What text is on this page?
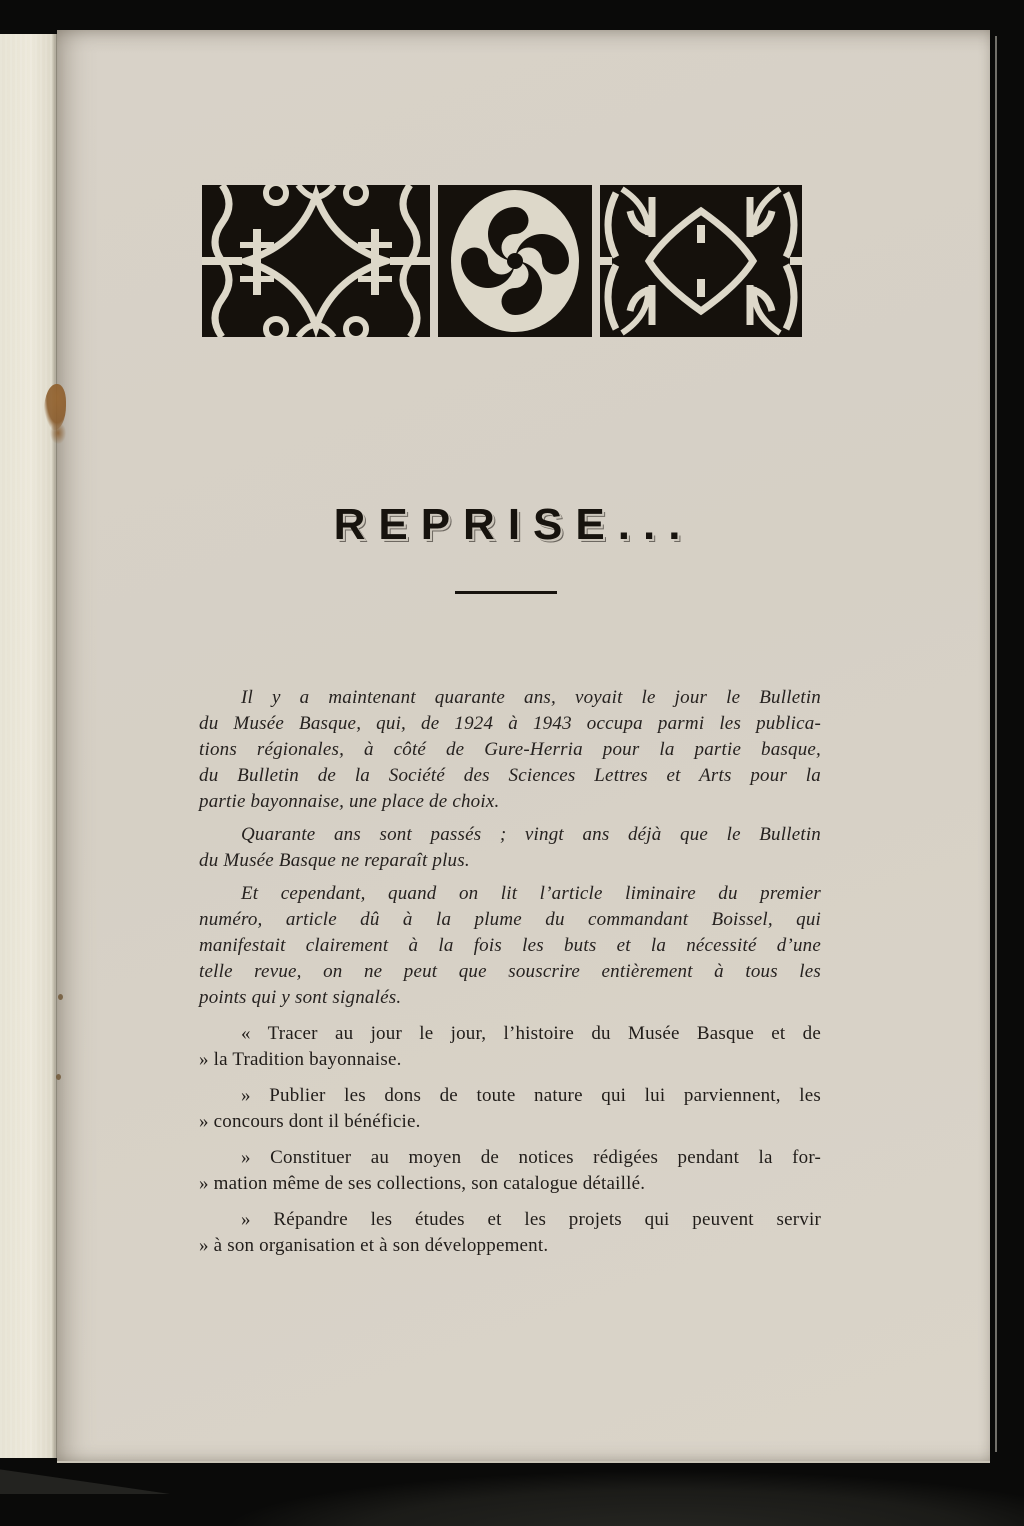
REPRISE...
Il y a maintenant quarante ans, voyait le jour le Bulletin
du Musée Basque, qui, de 1924 à 1943 occupa parmi les publica-
tions régionales, à côté de Gure-Herria pour la partie basque,
du Bulletin de la Société des Sciences Lettres et Arts pour la
partie bayonnaise, une place de choix.
Quarante ans sont passés ; vingt ans déjà que le Bulletin
du Musée Basque ne reparaît plus.
Et cependant, quand on lit l’article liminaire du premier
numéro, article dû à la plume du commandant Boissel, qui
manifestait clairement à la fois les buts et la nécessité d’une
telle revue, on ne peut que souscrire entièrement à tous les
points qui y sont signalés.
« Tracer au jour le jour, l’histoire du Musée Basque et de
» la Tradition bayonnaise.
» Publier les dons de toute nature qui lui parviennent, les
» concours dont il bénéficie.
» Constituer au moyen de notices rédigées pendant la for-
» mation même de ses collections, son catalogue détaillé.
» Répandre les études et les projets qui peuvent servir
» à son organisation et à son développement.
